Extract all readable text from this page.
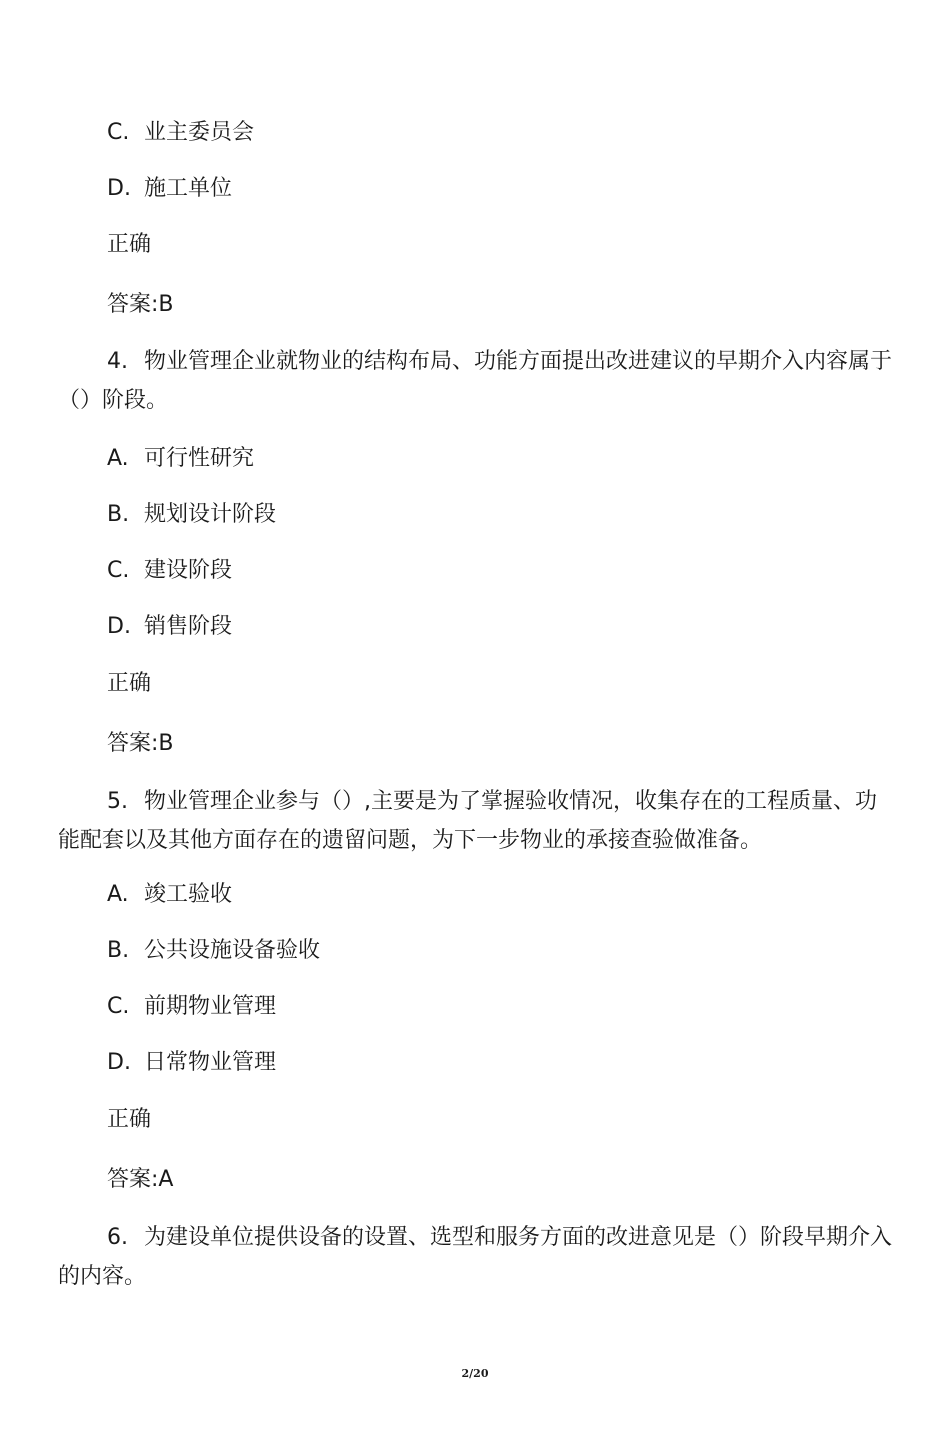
C. 业主委员会
D. 施工单位
正确
答案:B
4. 物业管理企业就物业的结构布局、功能方面提出改进建议的早期介入内容属于（）阶段。
A. 可行性研究
B. 规划设计阶段
C. 建设阶段
D. 销售阶段
正确
答案:B
5. 物业管理企业参与（）,主要是为了掌握验收情况，收集存在的工程质量、功能配套以及其他方面存在的遗留问题，为下一步物业的承接查验做准备。
A. 竣工验收
B. 公共设施设备验收
C. 前期物业管理
D. 日常物业管理
正确
答案:A
6. 为建设单位提供设备的设置、选型和服务方面的改进意见是（）阶段早期介入的内容。
2/20
